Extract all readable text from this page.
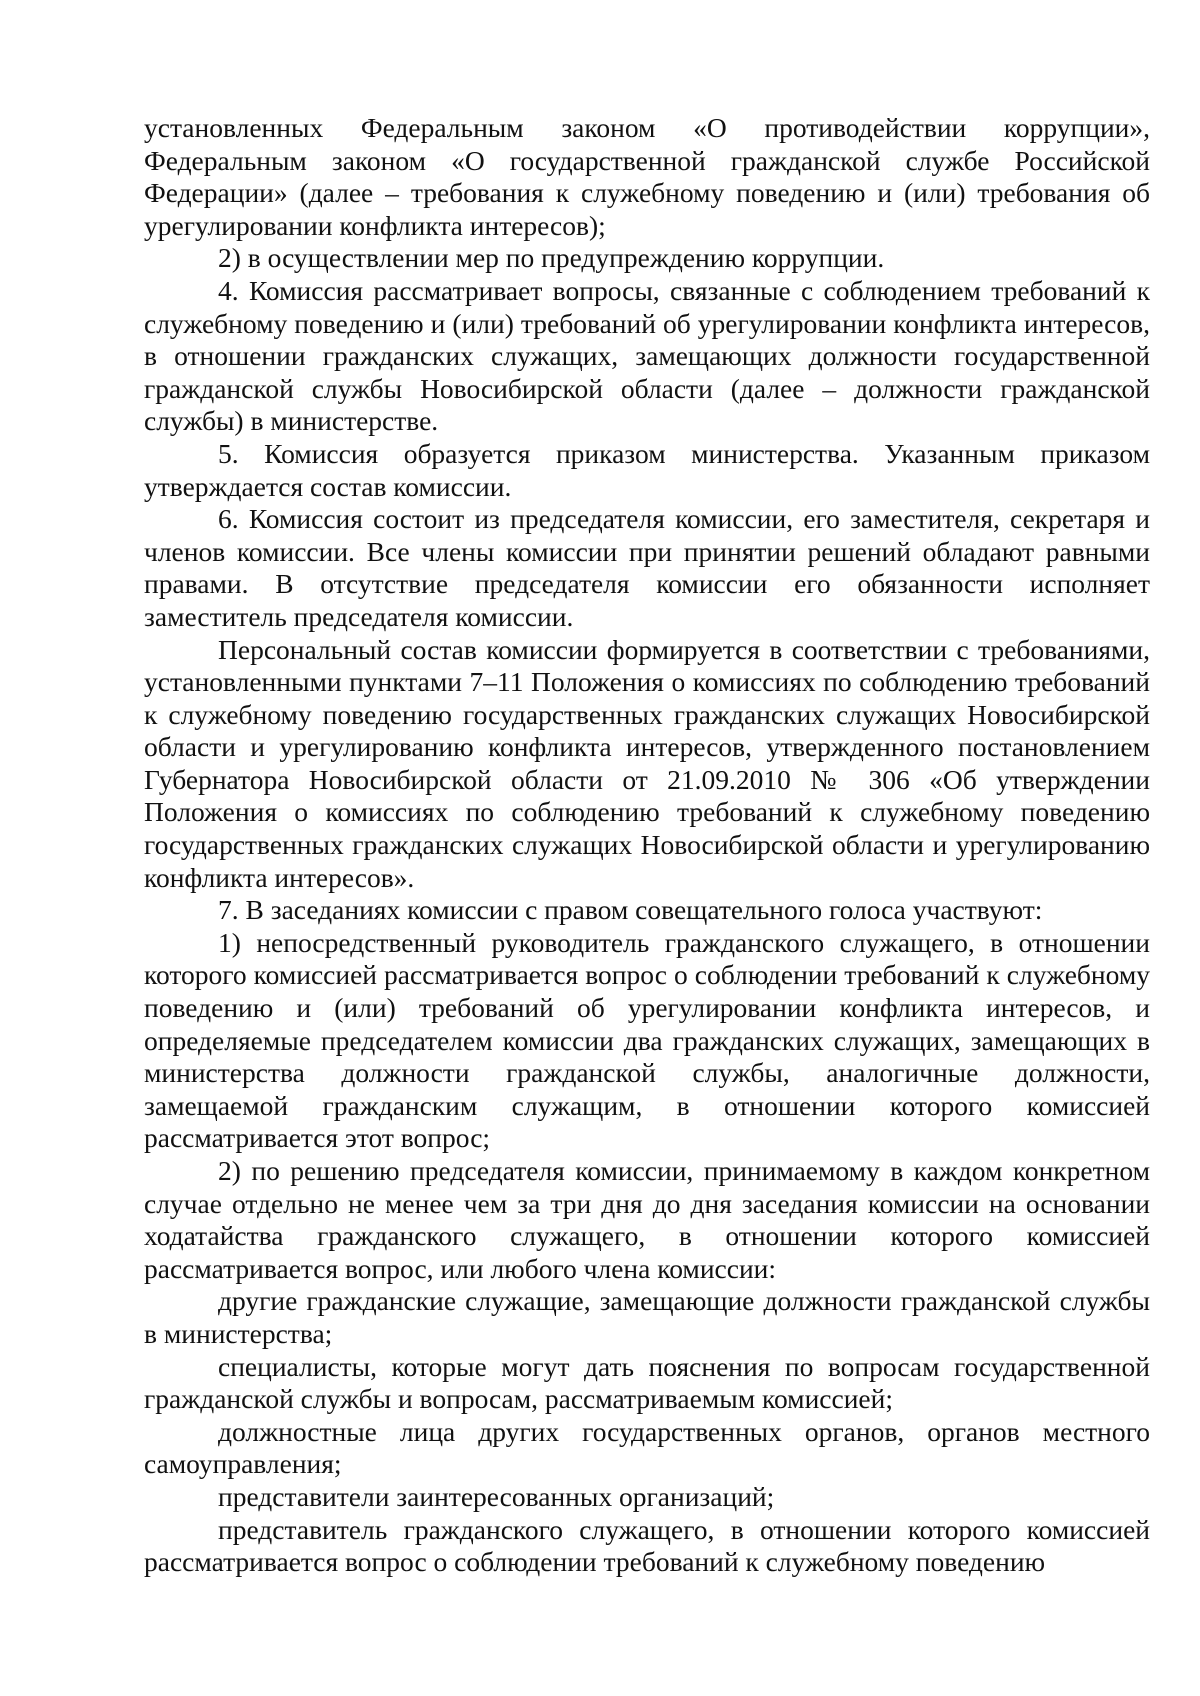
установленных Федеральным законом «О противодействии коррупции», Федеральным законом «О государственной гражданской службе Российской Федерации» (далее – требования к служебному поведению и (или) требования об урегулировании конфликта интересов);

2) в осуществлении мер по предупреждению коррупции.

4. Комиссия рассматривает вопросы, связанные с соблюдением требований к служебному поведению и (или) требований об урегулировании конфликта интересов, в отношении гражданских служащих, замещающих должности государственной гражданской службы Новосибирской области (далее – должности гражданской службы) в министерстве.

5. Комиссия образуется приказом министерства. Указанным приказом утверждается состав комиссии.

6. Комиссия состоит из председателя комиссии, его заместителя, секретаря и членов комиссии. Все члены комиссии при принятии решений обладают равными правами. В отсутствие председателя комиссии его обязанности исполняет заместитель председателя комиссии.

Персональный состав комиссии формируется в соответствии с требованиями, установленными пунктами 7–11 Положения о комиссиях по соблюдению требований к служебному поведению государственных гражданских служащих Новосибирской области и урегулированию конфликта интересов, утвержденного постановлением Губернатора Новосибирской области от 21.09.2010 № 306 «Об утверждении Положения о комиссиях по соблюдению требований к служебному поведению государственных гражданских служащих Новосибирской области и урегулированию конфликта интересов».

7. В заседаниях комиссии с правом совещательного голоса участвуют:

1) непосредственный руководитель гражданского служащего, в отношении которого комиссией рассматривается вопрос о соблюдении требований к служебному поведению и (или) требований об урегулировании конфликта интересов, и определяемые председателем комиссии два гражданских служащих, замещающих в министерства должности гражданской службы, аналогичные должности, замещаемой гражданским служащим, в отношении которого комиссией рассматривается этот вопрос;

2) по решению председателя комиссии, принимаемому в каждом конкретном случае отдельно не менее чем за три дня до дня заседания комиссии на основании ходатайства гражданского служащего, в отношении которого комиссией рассматривается вопрос, или любого члена комиссии:

другие гражданские служащие, замещающие должности гражданской службы в министерства;

специалисты, которые могут дать пояснения по вопросам государственной гражданской службы и вопросам, рассматриваемым комиссией;

должностные лица других государственных органов, органов местного самоуправления;

представители заинтересованных организаций;

представитель гражданского служащего, в отношении которого комиссией рассматривается вопрос о соблюдении требований к служебному поведению
